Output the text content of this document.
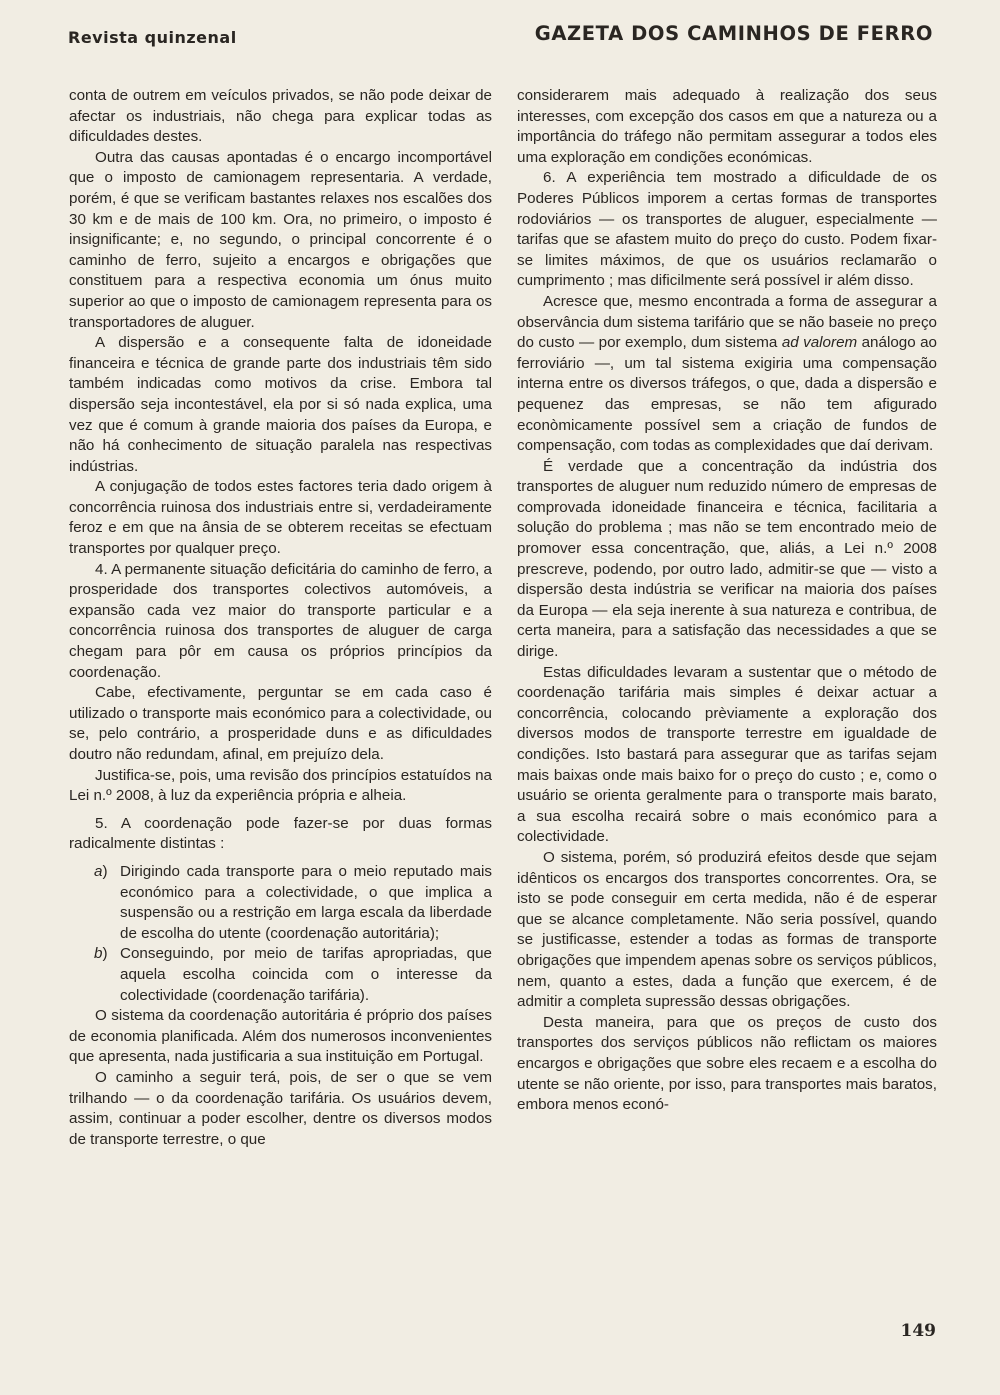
Revista quinzenal	GAZETA DOS CAMINHOS DE FERRO

conta de outrem em veículos privados, se não pode deixar de afectar os industriais, não chega para explicar todas as dificuldades destes.

Outra das causas apontadas é o encargo incomportável que o imposto de camionagem representaria. A verdade, porém, é que se verificam bastantes relaxes nos escalões dos 30 km e de mais de 100 km. Ora, no primeiro, o imposto é insignificante; e, no segundo, o principal concorrente é o caminho de ferro, sujeito a encargos e obrigações que constituem para a respectiva economia um ónus muito superior ao que o imposto de camionagem representa para os transportadores de aluguer.

A dispersão e a consequente falta de idoneidade financeira e técnica de grande parte dos industriais têm sido também indicadas como motivos da crise. Embora tal dispersão seja incontestável, ela por si só nada explica, uma vez que é comum à grande maioria dos países da Europa, e não há conhecimento de situação paralela nas respectivas indústrias.

A conjugação de todos estes factores teria dado origem à concorrência ruinosa dos industriais entre si, verdadeiramente feroz e em que na ânsia de se obterem receitas se efectuam transportes por qualquer preço.

4. A permanente situação deficitária do caminho de ferro, a prosperidade dos transportes colectivos automóveis, a expansão cada vez maior do transporte particular e a concorrência ruinosa dos transportes de aluguer de carga chegam para pôr em causa os próprios princípios da coordenação.

Cabe, efectivamente, perguntar se em cada caso é utilizado o transporte mais económico para a colectividade, ou se, pelo contrário, a prosperidade duns e as dificuldades doutro não redundam, afinal, em prejuízo dela.

Justifica-se, pois, uma revisão dos princípios estatuídos na Lei n.º 2008, à luz da experiência própria e alheia.

5. A coordenação pode fazer-se por duas formas radicalmente distintas :

a) Dirigindo cada transporte para o meio reputado mais económico para a colectividade, o que implica a suspensão ou a restrição em larga escala da liberdade de escolha do utente (coordenação autoritária);

b) Conseguindo, por meio de tarifas apropriadas, que aquela escolha coincida com o interesse da colectividade (coordenação tarifária).

O sistema da coordenação autoritária é próprio dos países de economia planificada. Além dos numerosos inconvenientes que apresenta, nada justificaria a sua instituição em Portugal.

O caminho a seguir terá, pois, de ser o que se vem trilhando — o da coordenação tarifária. Os usuários devem, assim, continuar a poder escolher, dentre os diversos modos de transporte terrestre, o que

considerarem mais adequado à realização dos seus interesses, com excepção dos casos em que a natureza ou a importância do tráfego não permitam assegurar a todos eles uma exploração em condições económicas.

6. A experiência tem mostrado a dificuldade de os Poderes Públicos imporem a certas formas de transportes rodoviários — os transportes de aluguer, especialmente — tarifas que se afastem muito do preço do custo. Podem fixar-se limites máximos, de que os usuários reclamarão o cumprimento ; mas dificilmente será possível ir além disso.

Acresce que, mesmo encontrada a forma de assegurar a observância dum sistema tarifário que se não baseie no preço do custo — por exemplo, dum sistema ad valorem análogo ao ferroviário —, um tal sistema exigiria uma compensação interna entre os diversos tráfegos, o que, dada a dispersão e pequenez das empresas, se não tem afigurado econòmicamente possível sem a criação de fundos de compensação, com todas as complexidades que daí derivam.

É verdade que a concentração da indústria dos transportes de aluguer num reduzido número de empresas de comprovada idoneidade financeira e técnica, facilitaria a solução do problema ; mas não se tem encontrado meio de promover essa concentração, que, aliás, a Lei n.º 2008 prescreve, podendo, por outro lado, admitir-se que — visto a dispersão desta indústria se verificar na maioria dos países da Europa — ela seja inerente à sua natureza e contribua, de certa maneira, para a satisfação das necessidades a que se dirige.

Estas dificuldades levaram a sustentar que o método de coordenação tarifária mais simples é deixar actuar a concorrência, colocando prèviamente a exploração dos diversos modos de transporte terrestre em igualdade de condições. Isto bastará para assegurar que as tarifas sejam mais baixas onde mais baixo for o preço do custo ; e, como o usuário se orienta geralmente para o transporte mais barato, a sua escolha recairá sobre o mais económico para a colectividade.

O sistema, porém, só produzirá efeitos desde que sejam idênticos os encargos dos transportes concorrentes. Ora, se isto se pode conseguir em certa medida, não é de esperar que se alcance completamente. Não seria possível, quando se justificasse, estender a todas as formas de transporte obrigações que impendem apenas sobre os serviços públicos, nem, quanto a estes, dada a função que exercem, é de admitir a completa supressão dessas obrigações.

Desta maneira, para que os preços de custo dos transportes dos serviços públicos não reflictam os maiores encargos e obrigações que sobre eles recaem e a escolha do utente se não oriente, por isso, para transportes mais baratos, embora menos econó-

149
